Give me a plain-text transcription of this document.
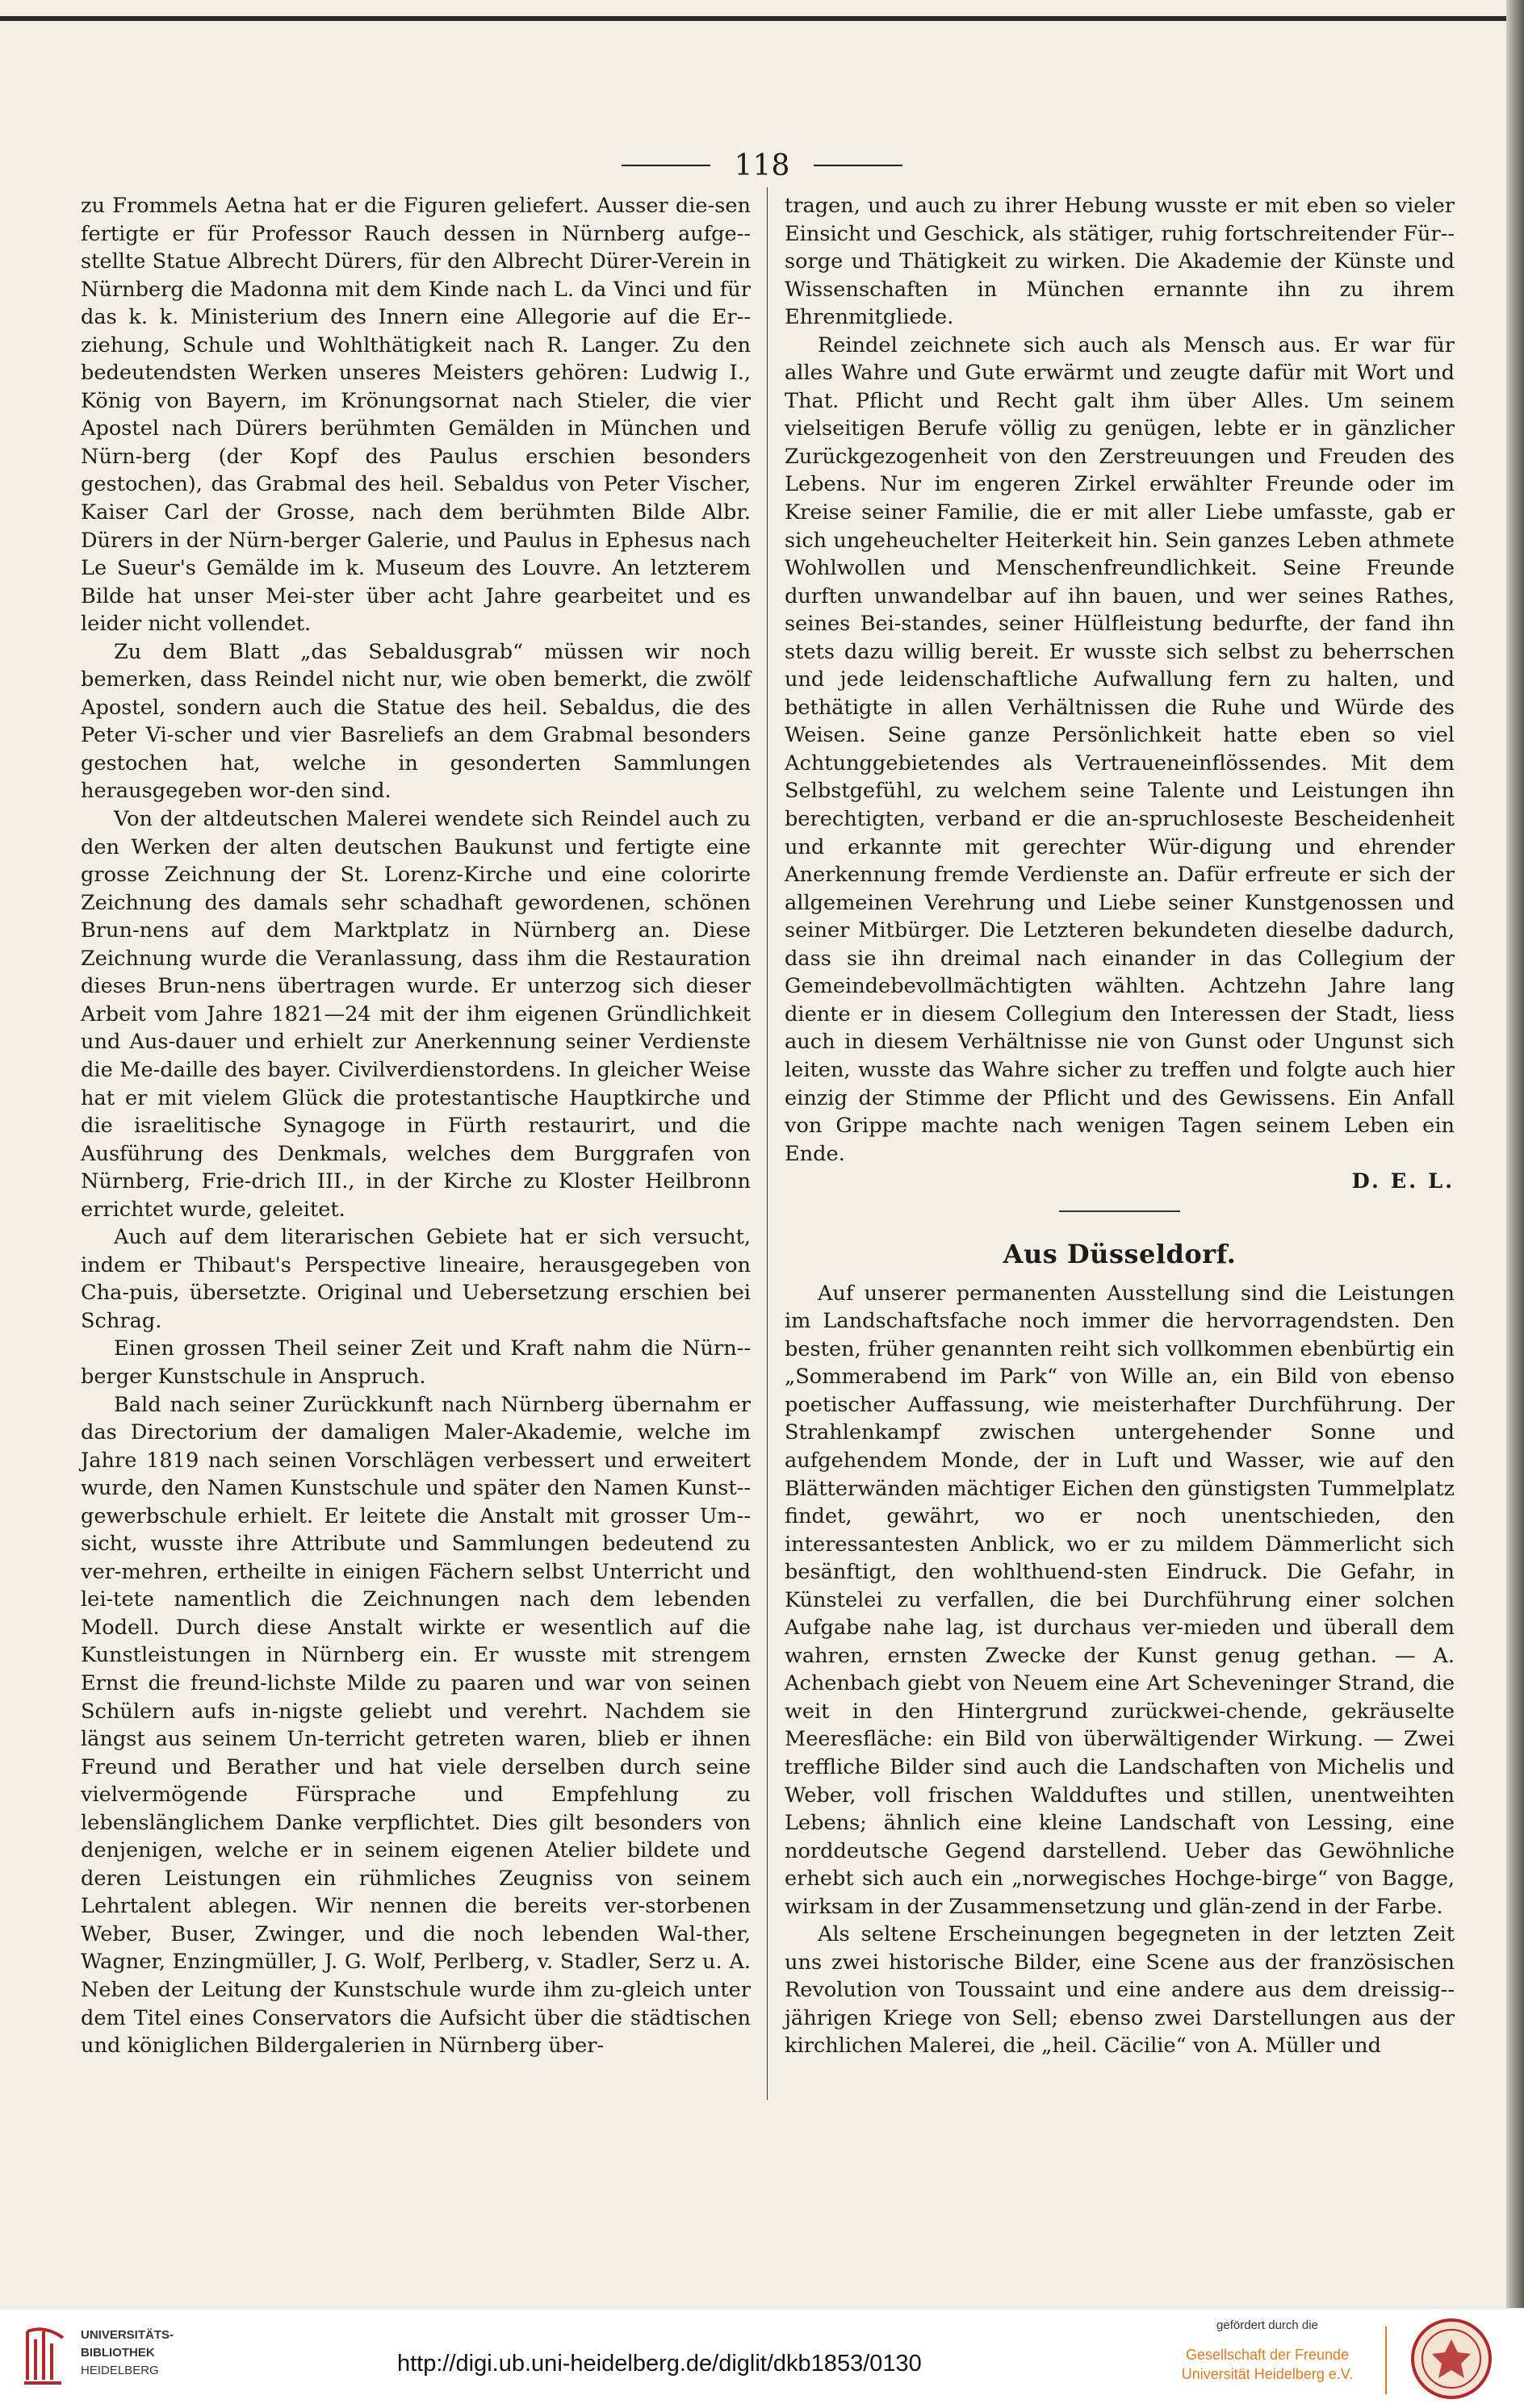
118

zu Frommels Aetna hat er die Figuren geliefert. Ausser die-sen fertigte er für Professor Rauch dessen in Nürnberg aufge-stellte Statue Albrecht Dürers, für den Albrecht Dürer-Verein in Nürnberg die Madonna mit dem Kinde nach L. da Vinci und für das k. k. Ministerium des Innern eine Allegorie auf die Er-ziehung, Schule und Wohlthätigkeit nach R. Langer. Zu den bedeutendsten Werken unseres Meisters gehören: Ludwig I., König von Bayern, im Krönungsornat nach Stieler, die vier Apostel nach Dürers berühmten Gemälden in München und Nürn-berg (der Kopf des Paulus erschien besonders gestochen), das Grabmal des heil. Sebaldus von Peter Vischer, Kaiser Carl der Grosse, nach dem berühmten Bilde Albr. Dürers in der Nürn-berger Galerie, und Paulus in Ephesus nach Le Sueur's Gemälde im k. Museum des Louvre. An letzterem Bilde hat unser Mei-ster über acht Jahre gearbeitet und es leider nicht vollendet.

Zu dem Blatt „das Sebaldusgrab“ müssen wir noch bemerken, dass Reindel nicht nur, wie oben bemerkt, die zwölf Apostel, sondern auch die Statue des heil. Sebaldus, die des Peter Vi-scher und vier Basreliefs an dem Grabmal besonders gestochen hat, welche in gesonderten Sammlungen herausgegeben wor-den sind.

Von der altdeutschen Malerei wendete sich Reindel auch zu den Werken der alten deutschen Baukunst und fertigte eine grosse Zeichnung der St. Lorenz-Kirche und eine colorirte Zeichnung des damals sehr schadhaft gewordenen, schönen Brun-nens auf dem Marktplatz in Nürnberg an. Diese Zeichnung wurde die Veranlassung, dass ihm die Restauration dieses Brun-nens übertragen wurde. Er unterzog sich dieser Arbeit vom Jahre 1821—24 mit der ihm eigenen Gründlichkeit und Aus-dauer und erhielt zur Anerkennung seiner Verdienste die Me-daille des bayer. Civilverdienstordens. In gleicher Weise hat er mit vielem Glück die protestantische Hauptkirche und die israelitische Synagoge in Fürth restaurirt, und die Ausführung des Denkmals, welches dem Burggrafen von Nürnberg, Frie-drich III., in der Kirche zu Kloster Heilbronn errichtet wurde, geleitet.

Auch auf dem literarischen Gebiete hat er sich versucht, indem er Thibaut's Perspective lineaire, herausgegeben von Cha-puis, übersetzte. Original und Uebersetzung erschien bei Schrag.

Einen grossen Theil seiner Zeit und Kraft nahm die Nürn-berger Kunstschule in Anspruch.

Bald nach seiner Zurückkunft nach Nürnberg übernahm er das Directorium der damaligen Maler-Akademie, welche im Jahre 1819 nach seinen Vorschlägen verbessert und erweitert wurde, den Namen Kunstschule und später den Namen Kunst-gewerbschule erhielt. Er leitete die Anstalt mit grosser Um-sicht, wusste ihre Attribute und Sammlungen bedeutend zu ver-mehren, ertheilte in einigen Fächern selbst Unterricht und lei-tete namentlich die Zeichnungen nach dem lebenden Modell. Durch diese Anstalt wirkte er wesentlich auf die Kunstleistungen in Nürnberg ein. Er wusste mit strengem Ernst die freund-lichste Milde zu paaren und war von seinen Schülern aufs in-nigste geliebt und verehrt. Nachdem sie längst aus seinem Un-terricht getreten waren, blieb er ihnen Freund und Berather und hat viele derselben durch seine vielvermögende Fürsprache und Empfehlung zu lebenslänglichem Danke verpflichtet. Dies gilt besonders von denjenigen, welche er in seinem eigenen Atelier bildete und deren Leistungen ein rühmliches Zeugniss von seinem Lehrtalent ablegen. Wir nennen die bereits ver-storbenen Weber, Buser, Zwinger, und die noch lebenden Wal-ther, Wagner, Enzingmüller, J. G. Wolf, Perlberg, v. Stadler, Serz u. A. Neben der Leitung der Kunstschule wurde ihm zu-gleich unter dem Titel eines Conservators die Aufsicht über die städtischen und königlichen Bildergalerien in Nürnberg über-

tragen, und auch zu ihrer Hebung wusste er mit eben so vieler Einsicht und Geschick, als stätiger, ruhig fortschreitender Für-sorge und Thätigkeit zu wirken. Die Akademie der Künste und Wissenschaften in München ernannte ihn zu ihrem Ehrenmitgliede.

Reindel zeichnete sich auch als Mensch aus. Er war für alles Wahre und Gute erwärmt und zeugte dafür mit Wort und That. Pflicht und Recht galt ihm über Alles. Um seinem vielseitigen Berufe völlig zu genügen, lebte er in gänzlicher Zurückgezogenheit von den Zerstreuungen und Freuden des Lebens. Nur im engeren Zirkel erwählter Freunde oder im Kreise seiner Familie, die er mit aller Liebe umfasste, gab er sich ungeheuchelter Heiterkeit hin. Sein ganzes Leben athmete Wohlwollen und Menschenfreundlichkeit. Seine Freunde durften unwandelbar auf ihn bauen, und wer seines Rathes, seines Bei-standes, seiner Hülfleistung bedurfte, der fand ihn stets dazu willig bereit. Er wusste sich selbst zu beherrschen und jede leidenschaftliche Aufwallung fern zu halten, und bethätigte in allen Verhältnissen die Ruhe und Würde des Weisen. Seine ganze Persönlichkeit hatte eben so viel Achtunggebietendes als Vertraueneinflössendes. Mit dem Selbstgefühl, zu welchem seine Talente und Leistungen ihn berechtigten, verband er die an-spruchloseste Bescheidenheit und erkannte mit gerechter Wür-digung und ehrender Anerkennung fremde Verdienste an. Dafür erfreute er sich der allgemeinen Verehrung und Liebe seiner Kunstgenossen und seiner Mitbürger. Die Letzteren bekundeten dieselbe dadurch, dass sie ihn dreimal nach einander in das Collegium der Gemeindebevollmächtigten wählten. Achtzehn Jahre lang diente er in diesem Collegium den Interessen der Stadt, liess auch in diesem Verhältnisse nie von Gunst oder Ungunst sich leiten, wusste das Wahre sicher zu treffen und folgte auch hier einzig der Stimme der Pflicht und des Gewissens. Ein Anfall von Grippe machte nach wenigen Tagen seinem Leben ein Ende.

D. E. L.

Aus Düsseldorf.

Auf unserer permanenten Ausstellung sind die Leistungen im Landschaftsfache noch immer die hervorragendsten. Den besten, früher genannten reiht sich vollkommen ebenbürtig ein „Sommerabend im Park“ von Wille an, ein Bild von ebenso poetischer Auffassung, wie meisterhafter Durchführung. Der Strahlenkampf zwischen untergehender Sonne und aufgehendem Monde, der in Luft und Wasser, wie auf den Blätterwänden mächtiger Eichen den günstigsten Tummelplatz findet, gewährt, wo er noch unentschieden, den interessantesten Anblick, wo er zu mildem Dämmerlicht sich besänftigt, den wohlthuend-sten Eindruck. Die Gefahr, in Künstelei zu verfallen, die bei Durchführung einer solchen Aufgabe nahe lag, ist durchaus ver-mieden und überall dem wahren, ernsten Zwecke der Kunst genug gethan. — A. Achenbach giebt von Neuem eine Art Scheveninger Strand, die weit in den Hintergrund zurückwei-chende, gekräuselte Meeresfläche: ein Bild von überwältigender Wirkung. — Zwei treffliche Bilder sind auch die Landschaften von Michelis und Weber, voll frischen Waldduftes und stillen, unentweihten Lebens; ähnlich eine kleine Landschaft von Lessing, eine norddeutsche Gegend darstellend. Ueber das Gewöhnliche erhebt sich auch ein „norwegisches Hochge-birge“ von Bagge, wirksam in der Zusammensetzung und glän-zend in der Farbe.

Als seltene Erscheinungen begegneten in der letzten Zeit uns zwei historische Bilder, eine Scene aus der französischen Revolution von Toussaint und eine andere aus dem dreissig-jährigen Kriege von Sell; ebenso zwei Darstellungen aus der kirchlichen Malerei, die „heil. Cäcilie“ von A. Müller und

UNIVERSITÄTS-
BIBLIOTHEK
HEIDELBERG	http://digi.ub.uni-heidelberg.de/diglit/dkb1853/0130
gefördert durch die
Gesellschaft der Freunde
Universität Heidelberg e.V.
